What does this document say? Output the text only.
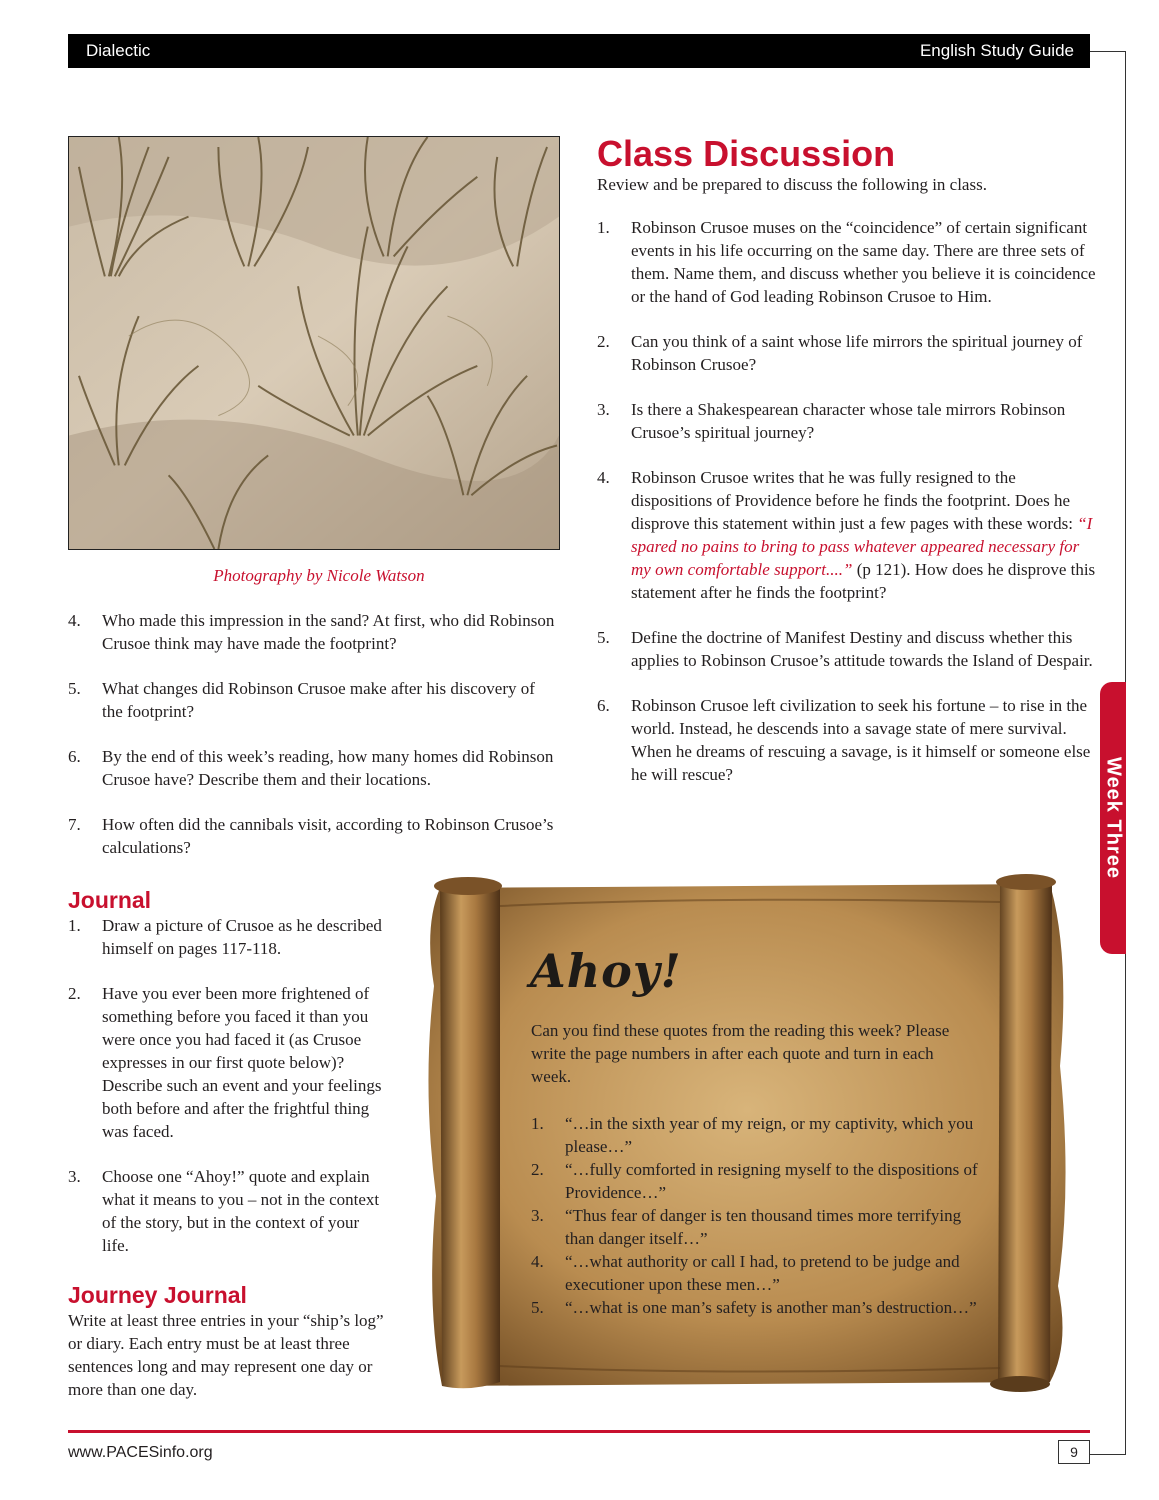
Dialectic	English Study Guide
Week Three
Photography by Nicole Watson
4. Who made this impression in the sand? At first, who did Robinson Crusoe think may have made the footprint?
5. What changes did Robinson Crusoe make after his discovery of the footprint?
6. By the end of this week’s reading, how many homes did Robinson Crusoe have? Describe them and their locations.
7. How often did the cannibals visit, according to Robinson Crusoe’s calculations?
Class Discussion
Review and be prepared to discuss the following in class.
1. Robinson Crusoe muses on the “coincidence” of certain significant events in his life occurring on the same day. There are three sets of them. Name them, and discuss whether you believe it is coincidence or the hand of God leading Robinson Crusoe to Him.
2. Can you think of a saint whose life mirrors the spiritual journey of Robinson Crusoe?
3. Is there a Shakespearean character whose tale mirrors Robinson Crusoe’s spiritual journey?
4. Robinson Crusoe writes that he was fully resigned to the dispositions of Providence before he finds the footprint. Does he disprove this statement within just a few pages with these words: “I spared no pains to bring to pass whatever appeared necessary for my own comfortable support....” (p 121). How does he disprove this statement after he finds the footprint?
5. Define the doctrine of Manifest Destiny and discuss whether this applies to Robinson Crusoe’s attitude towards the Island of Despair.
6. Robinson Crusoe left civilization to seek his fortune – to rise in the world. Instead, he descends into a savage state of mere survival. When he dreams of rescuing a savage, is it himself or someone else he will rescue?
Journal
1. Draw a picture of Crusoe as he described himself on pages 117-118.
2. Have you ever been more frightened of something before you faced it than you were once you had faced it (as Crusoe expresses in our first quote below)? Describe such an event and your feelings both before and after the frightful thing was faced.
3. Choose one “Ahoy!” quote and explain what it means to you – not in the context of the story, but in the context of your life.
Journey Journal
Write at least three entries in your “ship’s log” or diary. Each entry must be at least three sentences long and may represent one day or more than one day.
Ahoy!
Can you find these quotes from the reading this week? Please write the page numbers in after each quote and turn in each week.
1. “…in the sixth year of my reign, or my captivity, which you please…”
2. “…fully comforted in resigning myself to the dispositions of Providence…”
3. “Thus fear of danger is ten thousand times more terrifying than danger itself…”
4. “…what authority or call I had, to pretend to be judge and executioner upon these men…”
5. “…what is one man’s safety is another man’s destruction…”
www.PACESinfo.org	9
